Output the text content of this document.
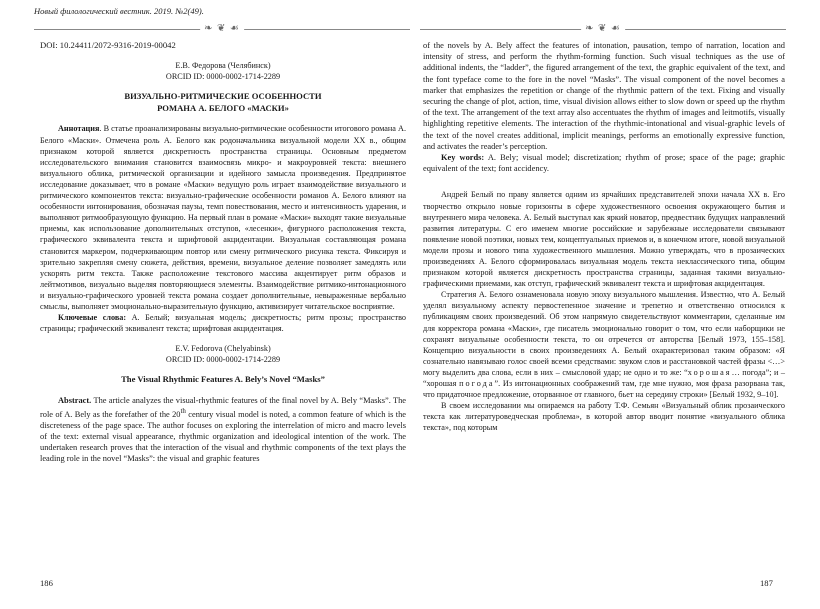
Новый филологический вестник. 2019. №2(49).
❧ ❦ ☙	❧ ❦ ☙

DOI: 10.24411/2072-9316-2019-00042

Е.В. Федорова (Челябинск)

ORCID ID: 0000-0002-1714-2289

ВИЗУАЛЬНО-РИТМИЧЕСКИЕ ОСОБЕННОСТИ

РОМАНА А. БЕЛОГО «МАСКИ»

Аннотация. В статье проанализированы визуально-ритмические особенности итогового романа А. Белого «Маски». Отмечена роль А. Белого как родоначальника визуальной модели ХХ в., общим признаком которой является дискретность пространства страницы. Основным предметом исследовательского внимания становится взаимосвязь микро- и макроуровней текста: внешнего визуального облика, ритмической организации и идейного замысла произведения. Предпринятое исследование доказывает, что в романе «Маски» ведущую роль играет взаимодействие визуального и ритмического компонентов текста: визуально-графические особенности романов А. Белого влияют на особенности интонирования, обозначая паузы, темп повествования, место и интенсивность ударения, и выполняют ритмообразующую функцию. На первый план в романе «Маски» выходят такие визуальные приемы, как использование дополнительных отступов, «лесенки», фигурного расположения текста, графического эквивалента текста и шрифтовой акцидентации. Визуальная составляющая романа становится маркером, подчеркивающим повтор или смену ритмического рисунка текста. Фиксируя и зрительно закрепляя смену сюжета, действия, времени, визуальное деление позволяет замедлять или ускорять ритм текста. Также расположение текстового массива акцентирует ритм образов и лейтмотивов, визуально выделяя повторяющиеся элементы. Взаимодействие ритмико-интонационного и визуально-графического уровней текста романа создает дополнительные, невыраженные вербально смыслы, выполняет эмоционально-выразительную функцию, активизирует читательское восприятие.

Ключевые слова: А. Белый; визуальная модель; дискретность; ритм прозы; пространство страницы; графический эквивалент текста; шрифтовая акцидентация.

E.V. Fedorova (Chelyabinsk)

ORCID ID: 0000-0002-1714-2289

The Visual Rhythmic Features A. Bely’s Novel “Masks”

Abstract. The article analyzes the visual-rhythmic features of the final novel by A. Bely “Masks”. The role of A. Bely as the forefather of the 20th century visual model is noted, a common feature of which is the discreteness of the page space. The author focuses on exploring the interrelation of micro and macro levels of the text: external visual appearance, rhythmic organization and ideological intention of the work. The undertaken research proves that the interaction of the visual and rhythmic components of the text plays the leading role in the novel “Masks”: the visual and graphic features

186

of the novels by A. Bely affect the features of intonation, pausation, tempo of narration, location and intensity of stress, and perform the rhythm-forming function. Such visual techniques as the use of additional indents, the “ladder”, the figured arrangement of the text, the graphic equivalent of the text, and the font typeface come to the fore in the novel “Masks”. The visual component of the novel becomes a marker that emphasizes the repetition or change of the rhythmic pattern of the text. Fixing and visually securing the change of plot, action, time, visual division allows either to slow down or speed up the rhythm of the text. The arrangement of the text array also accentuates the rhythm of images and leitmotifs, visually highlighting repetitive elements. The interaction of the rhythmic-intonational and visual-graphic levels of the text of the novel creates additional, implicit meanings, performs an emotionally expressive function, and activates the reader’s perception.

Key words: A. Bely; visual model; discretization; rhythm of prose; space of the page; graphic equivalent of the text; font accidency.

Андрей Белый по праву является одним из ярчайших представителей эпохи начала ХХ в. Его творчество открыло новые горизонты в сфере художественного освоения окружающего бытия и внутреннего мира человека. А. Белый выступал как яркий новатор, предвестник будущих направлений развития литературы. С его именем многие российские и зарубежные исследователи связывают появление новой поэтики, новых тем, концептуальных приемов и, в конечном итоге, новой визуальной модели прозы и нового типа художественного мышления. Можно утверждать, что в прозаических произведениях А. Белого сформировалась визуальная модель текста неклассического типа, общим признаком которой является дискретность пространства страницы, заданная такими визуально-графическими приемами, как отступ, графический эквивалент текста и шрифтовая акцидентация.

Стратегия А. Белого ознаменовала новую эпоху визуального мышления. Известно, что А. Белый уделял визуальному аспекту первостепенное значение и трепетно и ответственно относился к публикациям своих произведений. Об этом напрямую свидетельствуют комментарии, сделанные им для корректора романа «Маски», где писатель эмоционально говорит о том, что если наборщики не сохранят визуальные особенности текста, то он отречется от авторства [Белый 1973, 155–158]. Концепцию визуальности в своих произведениях А. Белый охарактеризовал таким образом: «Я сознательно навязываю голос своей всеми средствами: звуком слов и расстановкой частей фразы <…> могу выделить два слова, если в них – смысловой удар; не одно и то же: “хорошая… погода”; и – “хорошая погода”. Из интонационных соображений там, где мне нужно, моя фраза разорвана так, что придаточное предложение, оторванное от главного, бьет на середину строки» [Белый 1932, 9–10].

В своем исследовании мы опираемся на работу Т.Ф. Семьян «Визуальный облик прозаического текста как литературоведческая проблема», в которой автор вводит понятие «визуального облика текста», под которым

187
